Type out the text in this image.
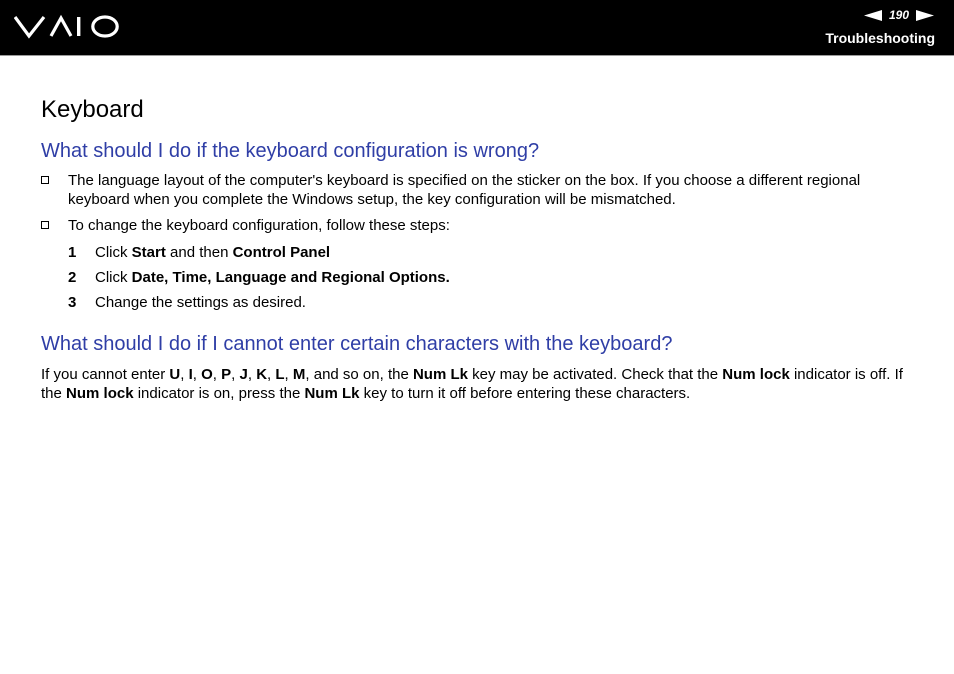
190
Troubleshooting
Keyboard
What should I do if the keyboard configuration is wrong?
The language layout of the computer's keyboard is specified on the sticker on the box. If you choose a different regional keyboard when you complete the Windows setup, the key configuration will be mismatched.
To change the keyboard configuration, follow these steps:
1	Click Start and then Control Panel
2	Click Date, Time, Language and Regional Options.
3	Change the settings as desired.
What should I do if I cannot enter certain characters with the keyboard?

If you cannot enter U, I, O, P, J, K, L, M, and so on, the Num Lk key may be activated. Check that the Num lock indicator is off. If the Num lock indicator is on, press the Num Lk key to turn it off before entering these characters.
